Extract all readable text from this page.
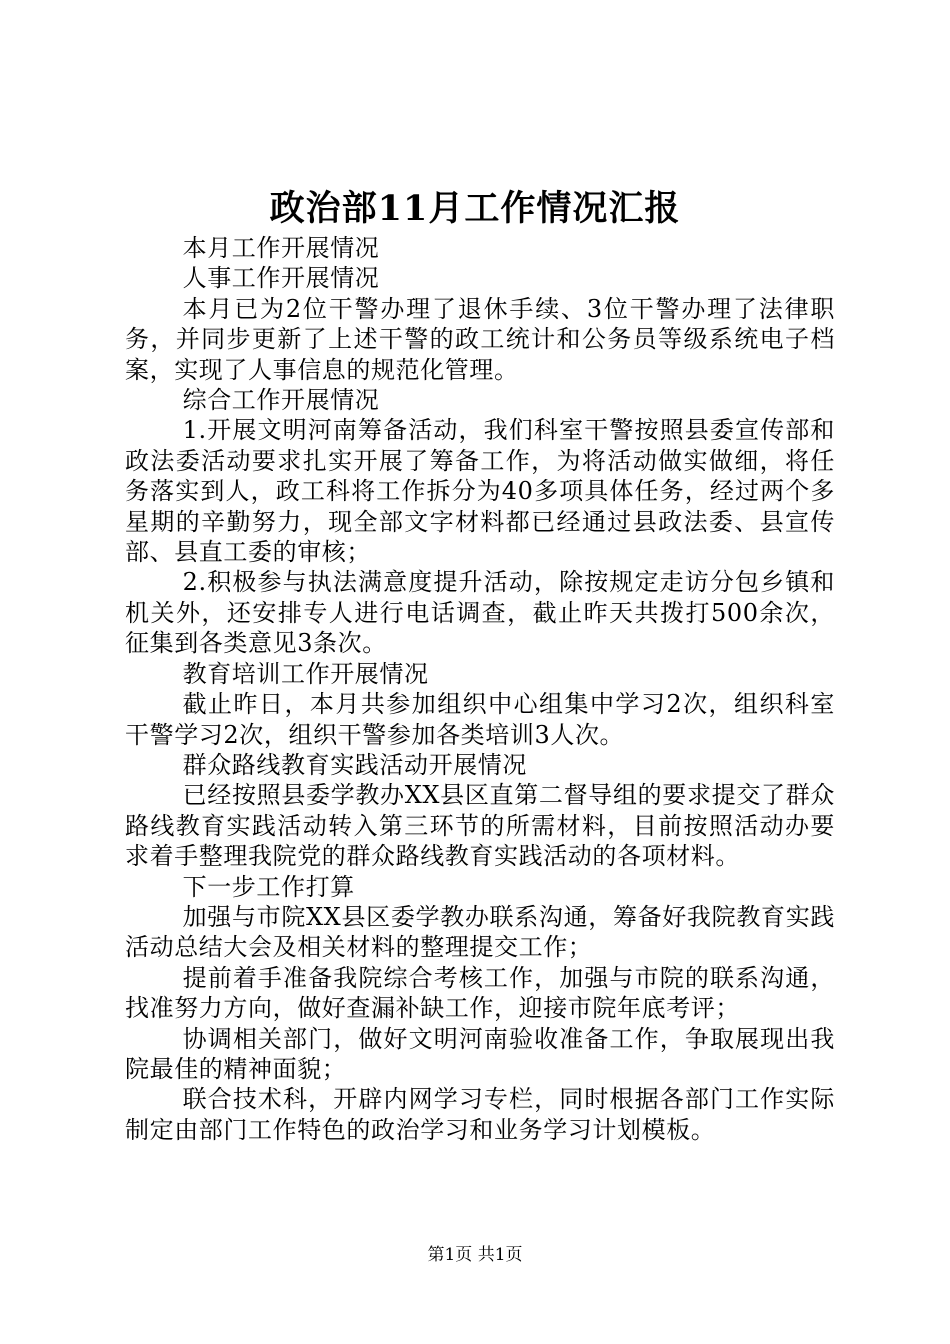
政治部11月工作情况汇报

本月工作开展情况

人事工作开展情况

本月已为2位干警办理了退休手续、3位干警办理了法律职务，并同步更新了上述干警的政工统计和公务员等级系统电子档案，实现了人事信息的规范化管理。

综合工作开展情况

1.开展文明河南筹备活动，我们科室干警按照县委宣传部和政法委活动要求扎实开展了筹备工作，为将活动做实做细，将任务落实到人，政工科将工作拆分为40多项具体任务，经过两个多星期的辛勤努力，现全部文字材料都已经通过县政法委、县宣传部、县直工委的审核；

2.积极参与执法满意度提升活动，除按规定走访分包乡镇和机关外，还安排专人进行电话调查，截止昨天共拨打500余次，征集到各类意见3条次。

教育培训工作开展情况

截止昨日，本月共参加组织中心组集中学习2次，组织科室干警学习2次，组织干警参加各类培训3人次。

群众路线教育实践活动开展情况

已经按照县委学教办XX县区直第二督导组的要求提交了群众路线教育实践活动转入第三环节的所需材料，目前按照活动办要求着手整理我院党的群众路线教育实践活动的各项材料。

下一步工作打算

加强与市院XX县区委学教办联系沟通，筹备好我院教育实践活动总结大会及相关材料的整理提交工作；

提前着手准备我院综合考核工作，加强与市院的联系沟通，找准努力方向，做好查漏补缺工作，迎接市院年底考评；

协调相关部门，做好文明河南验收准备工作，争取展现出我院最佳的精神面貌；

联合技术科，开辟内网学习专栏，同时根据各部门工作实际制定由部门工作特色的政治学习和业务学习计划模板。

第1页 共1页
